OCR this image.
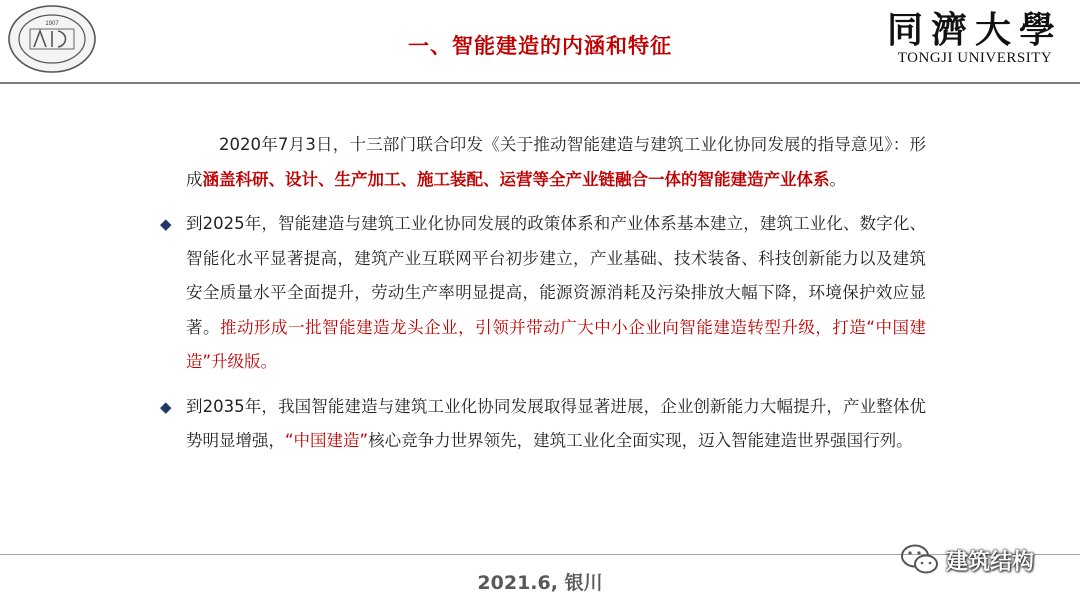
1907
一、智能建造的内涵和特征	同濟大學
TONGJI UNIVERSITY

2020年7月3日，十三部门联合印发《关于推动智能建造与建筑工业化协同发展的指导意见》：形成涵盖科研、设计、生产加工、施工装配、运营等全产业链融合一体的智能建造产业体系。

◆ 到2025年，智能建造与建筑工业化协同发展的政策体系和产业体系基本建立，建筑工业化、数字化、智能化水平显著提高，建筑产业互联网平台初步建立，产业基础、技术装备、科技创新能力以及建筑安全质量水平全面提升，劳动生产率明显提高，能源资源消耗及污染排放大幅下降，环境保护效应显著。推动形成一批智能建造龙头企业，引领并带动广大中小企业向智能建造转型升级，打造“中国建造”升级版。

◆ 到2035年，我国智能建造与建筑工业化协同发展取得显著进展，企业创新能力大幅提升，产业整体优势明显增强，“中国建造”核心竞争力世界领先，建筑工业化全面实现，迈入智能建造世界强国行列。

2021.6, 银川
建筑结构
